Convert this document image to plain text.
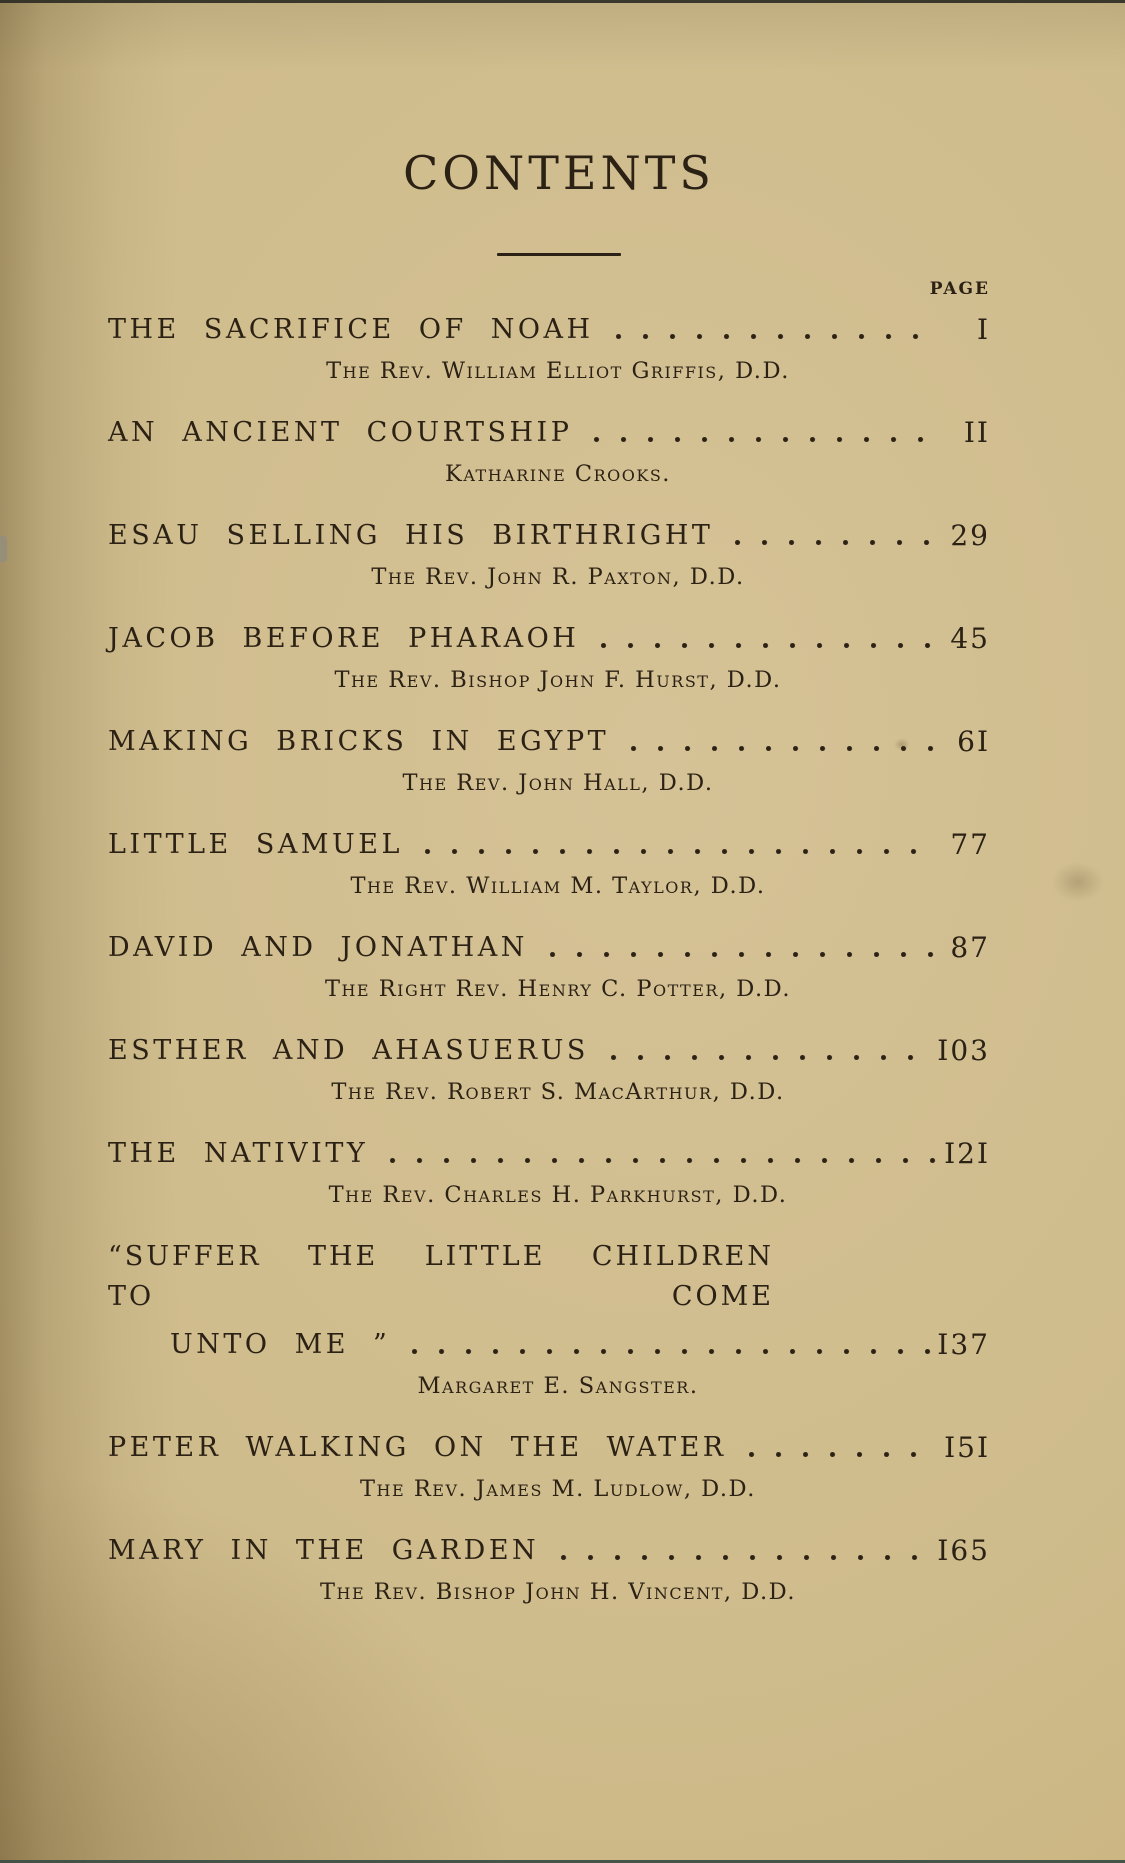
CONTENTS
PAGE
THE SACRIFICE OF NOAH	I
The Rev. William Elliot Griffis, D.D.
AN ANCIENT COURTSHIP	II
Katharine Crooks.
ESAU SELLING HIS BIRTHRIGHT	29
The Rev. John R. Paxton, D.D.
JACOB BEFORE PHARAOH	45
The Rev. Bishop John F. Hurst, D.D.
MAKING BRICKS IN EGYPT	6I
The Rev. John Hall, D.D.
LITTLE SAMUEL	77
The Rev. William M. Taylor, D.D.
DAVID AND JONATHAN	87
The Right Rev. Henry C. Potter, D.D.
ESTHER AND AHASUERUS	I03
The Rev. Robert S. MacArthur, D.D.
THE NATIVITY	I2I
The Rev. Charles H. Parkhurst, D.D.
“SUFFER THE LITTLE CHILDREN TO COME
UNTO ME ”	I37
Margaret E. Sangster.
PETER WALKING ON THE WATER	I5I
The Rev. James M. Ludlow, D.D.
MARY IN THE GARDEN	I65
The Rev. Bishop John H. Vincent, D.D.
